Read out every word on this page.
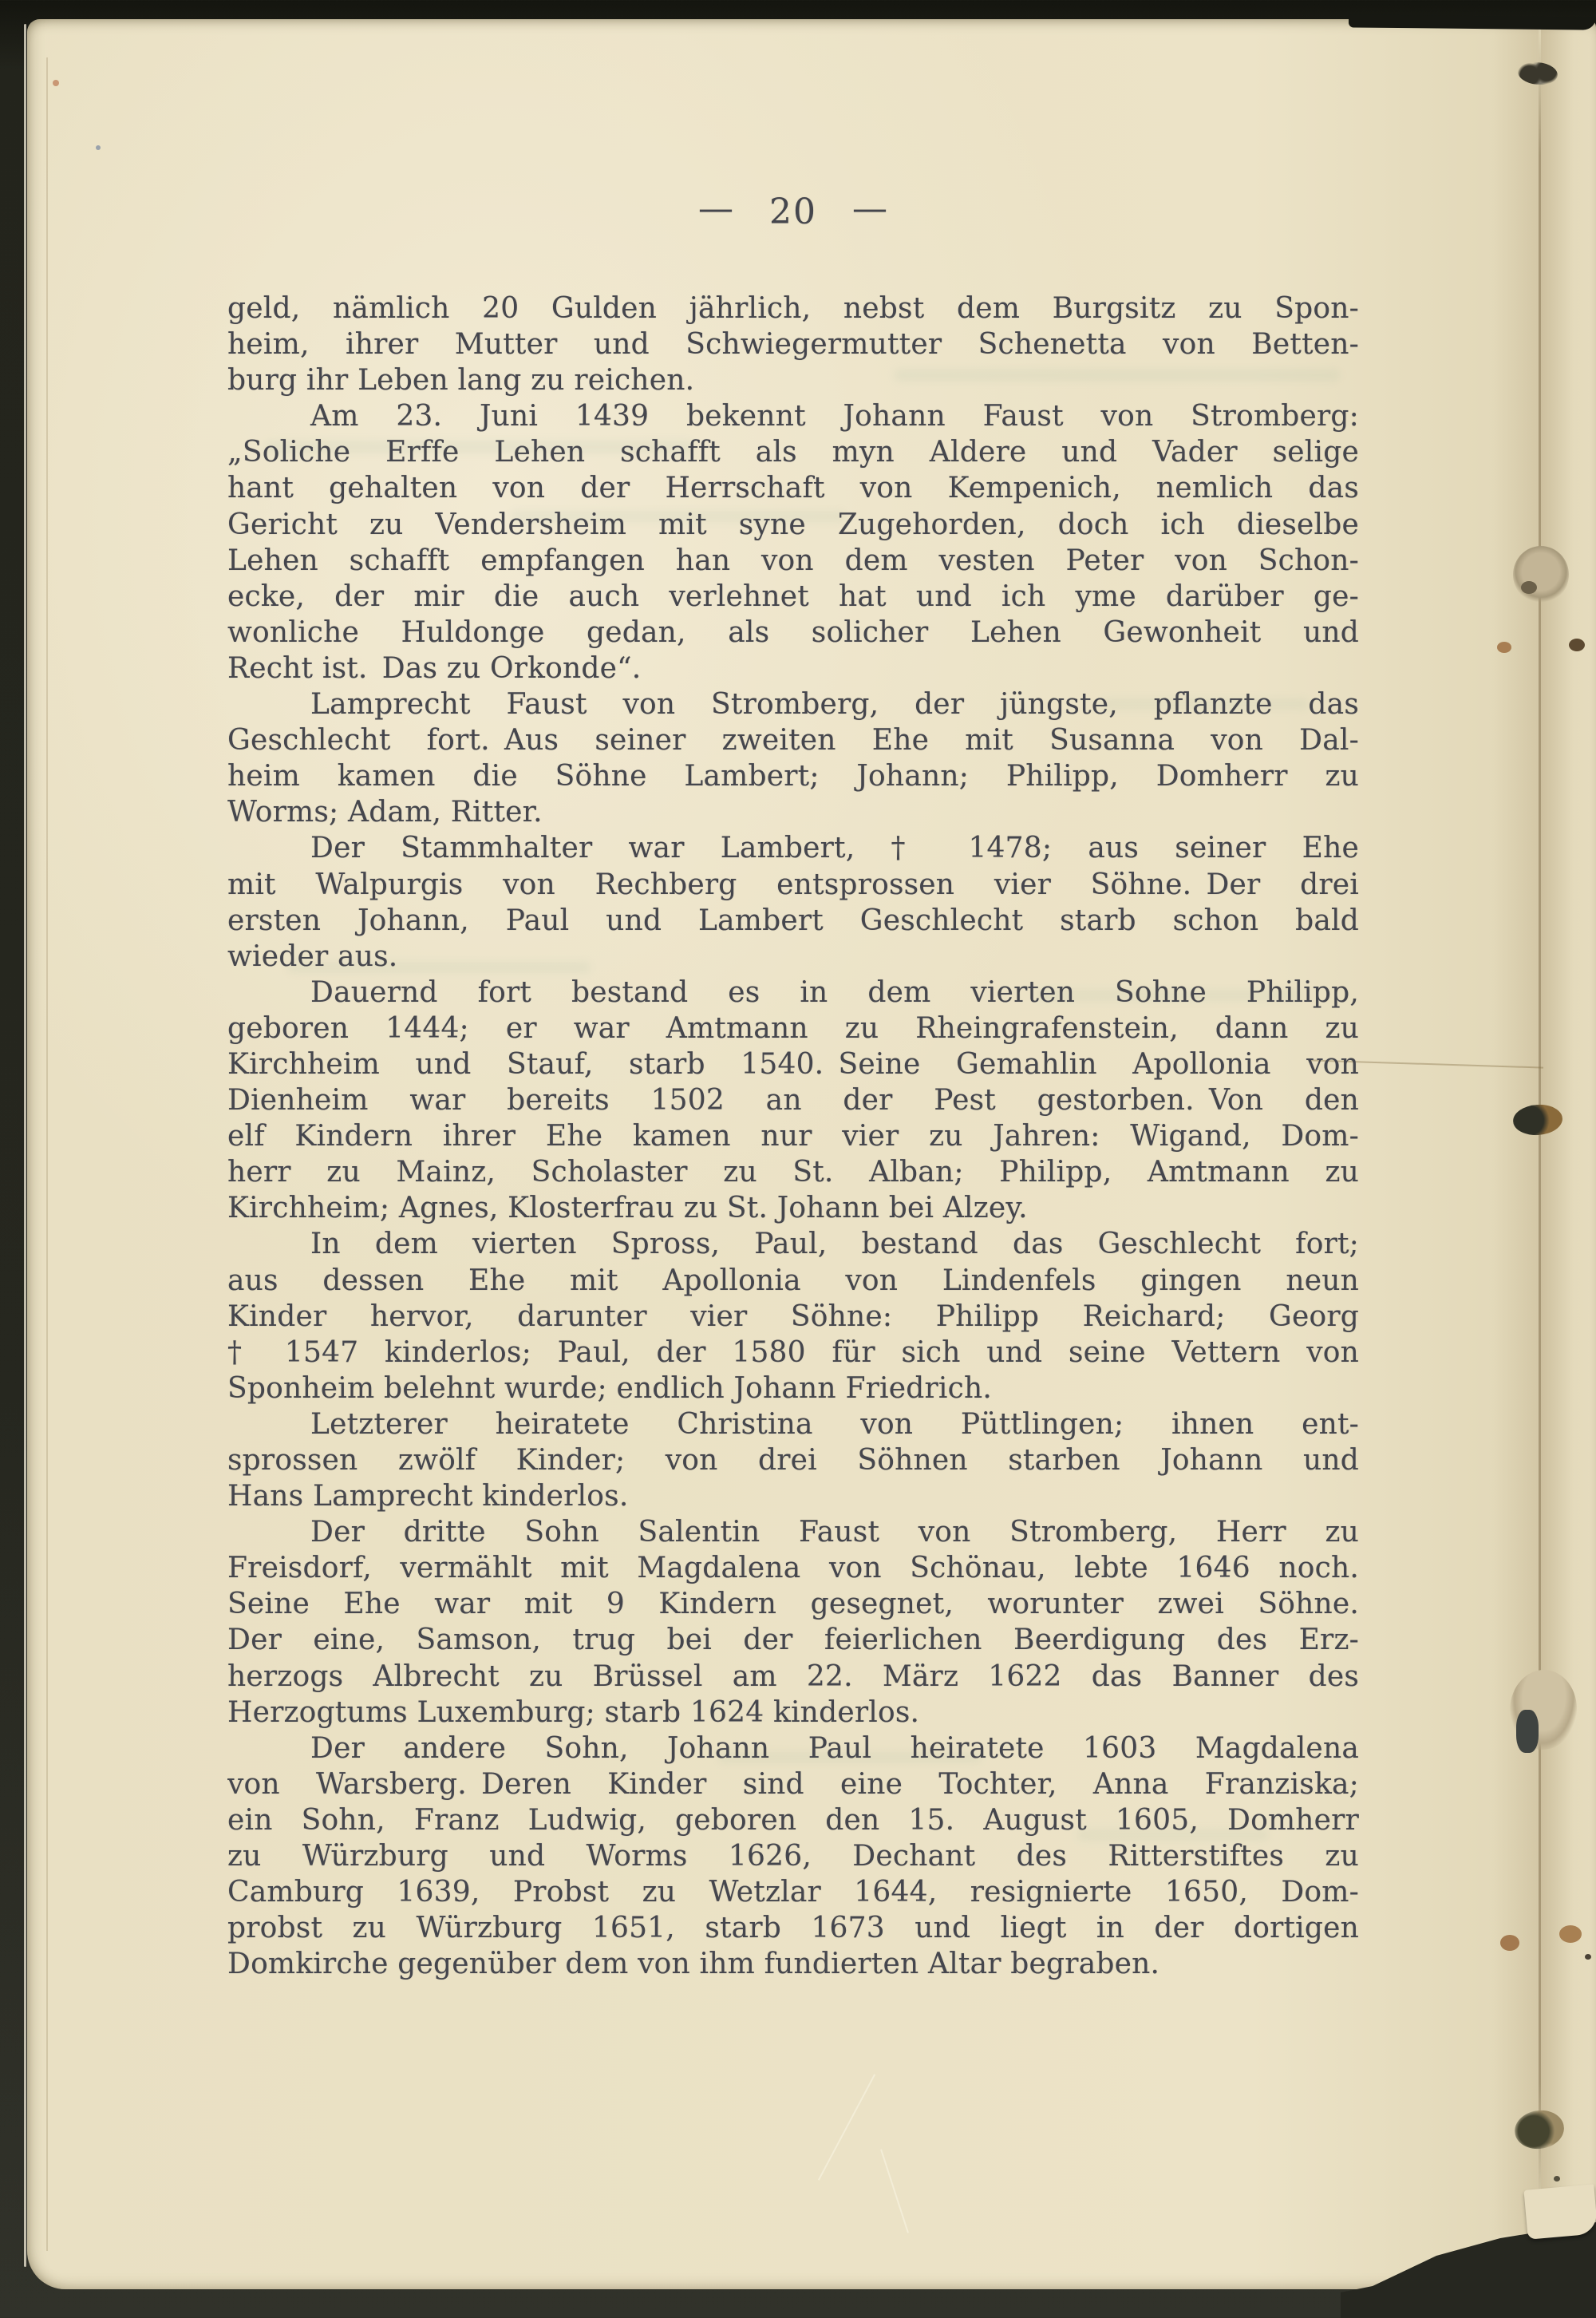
— 20 —
geld, nämlich 20 Gulden jährlich, nebst dem Burgsitz zu Spon-
heim, ihrer Mutter und Schwiegermutter Schenetta von Betten-
burg ihr Leben lang zu reichen.
Am 23. Juni 1439 bekennt Johann Faust von Stromberg:
„Soliche Erffe Lehen schafft als myn Aldere und Vader selige
hant gehalten von der Herrschaft von Kempenich, nemlich das
Gericht zu Vendersheim mit syne Zugehorden, doch ich dieselbe
Lehen schafft empfangen han von dem vesten Peter von Schon-
ecke, der mir die auch verlehnet hat und ich yme darüber ge-
wonliche Huldonge gedan, als solicher Lehen Gewonheit und
Recht ist. Das zu Orkonde“.
Lamprecht Faust von Stromberg, der jüngste, pflanzte das
Geschlecht fort. Aus seiner zweiten Ehe mit Susanna von Dal-
heim kamen die Söhne Lambert; Johann; Philipp, Domherr zu
Worms; Adam, Ritter.
Der Stammhalter war Lambert, † 1478; aus seiner Ehe
mit Walpurgis von Rechberg entsprossen vier Söhne. Der drei
ersten Johann, Paul und Lambert Geschlecht starb schon bald
wieder aus.
Dauernd fort bestand es in dem vierten Sohne Philipp,
geboren 1444; er war Amtmann zu Rheingrafenstein, dann zu
Kirchheim und Stauf, starb 1540. Seine Gemahlin Apollonia von
Dienheim war bereits 1502 an der Pest gestorben. Von den
elf Kindern ihrer Ehe kamen nur vier zu Jahren: Wigand, Dom-
herr zu Mainz, Scholaster zu St. Alban; Philipp, Amtmann zu
Kirchheim; Agnes, Klosterfrau zu St. Johann bei Alzey.
In dem vierten Spross, Paul, bestand das Geschlecht fort;
aus dessen Ehe mit Apollonia von Lindenfels gingen neun
Kinder hervor, darunter vier Söhne: Philipp Reichard; Georg
† 1547 kinderlos; Paul, der 1580 für sich und seine Vettern von
Sponheim belehnt wurde; endlich Johann Friedrich.
Letzterer heiratete Christina von Püttlingen; ihnen ent-
sprossen zwölf Kinder; von drei Söhnen starben Johann und
Hans Lamprecht kinderlos.
Der dritte Sohn Salentin Faust von Stromberg, Herr zu
Freisdorf, vermählt mit Magdalena von Schönau, lebte 1646 noch.
Seine Ehe war mit 9 Kindern gesegnet, worunter zwei Söhne.
Der eine, Samson, trug bei der feierlichen Beerdigung des Erz-
herzogs Albrecht zu Brüssel am 22. März 1622 das Banner des
Herzogtums Luxemburg; starb 1624 kinderlos.
Der andere Sohn, Johann Paul heiratete 1603 Magdalena
von Warsberg. Deren Kinder sind eine Tochter, Anna Franziska;
ein Sohn, Franz Ludwig, geboren den 15. August 1605, Domherr
zu Würzburg und Worms 1626, Dechant des Ritterstiftes zu
Camburg 1639, Probst zu Wetzlar 1644, resignierte 1650, Dom-
probst zu Würzburg 1651, starb 1673 und liegt in der dortigen
Domkirche gegenüber dem von ihm fundierten Altar begraben.
